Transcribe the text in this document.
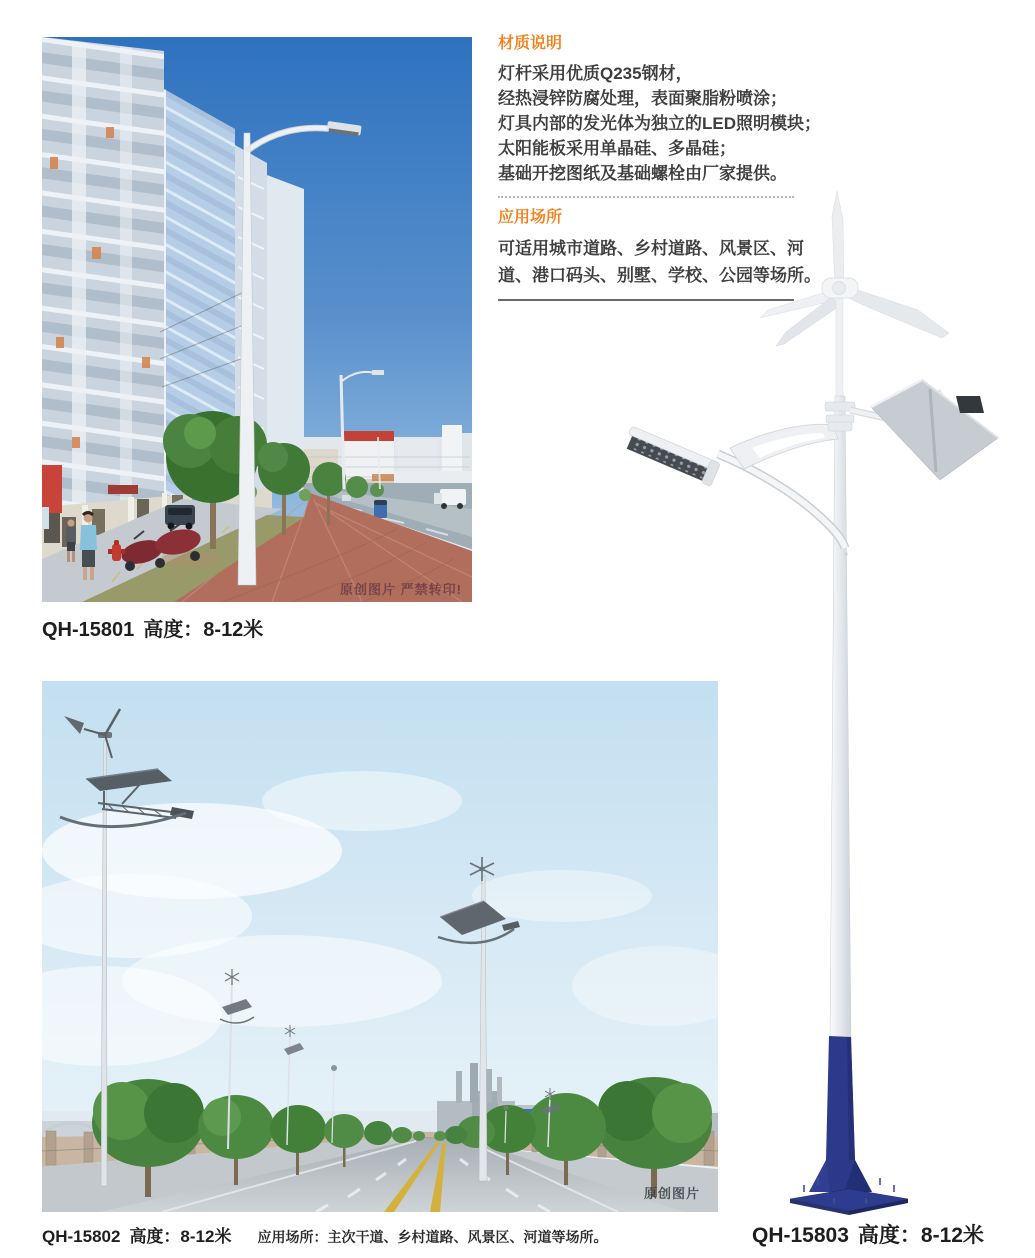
原创图片 严禁转印!
QH-15801 高度：8-12米
材质说明
灯杆采用优质Q235钢材，
经热浸锌防腐处理，表面聚脂粉喷涂；
灯具内部的发光体为独立的LED照明模块；
太阳能板采用单晶硅、多晶硅；
基础开挖图纸及基础螺栓由厂家提供。
应用场所
可适用城市道路、乡村道路、风景区、河
道、港口码头、别墅、学校、公园等场所。
原创图片
QH-15802 高度：8-12米 应用场所：主次干道、乡村道路、风景区、河道等场所。	QH-15803 高度：8-12米
